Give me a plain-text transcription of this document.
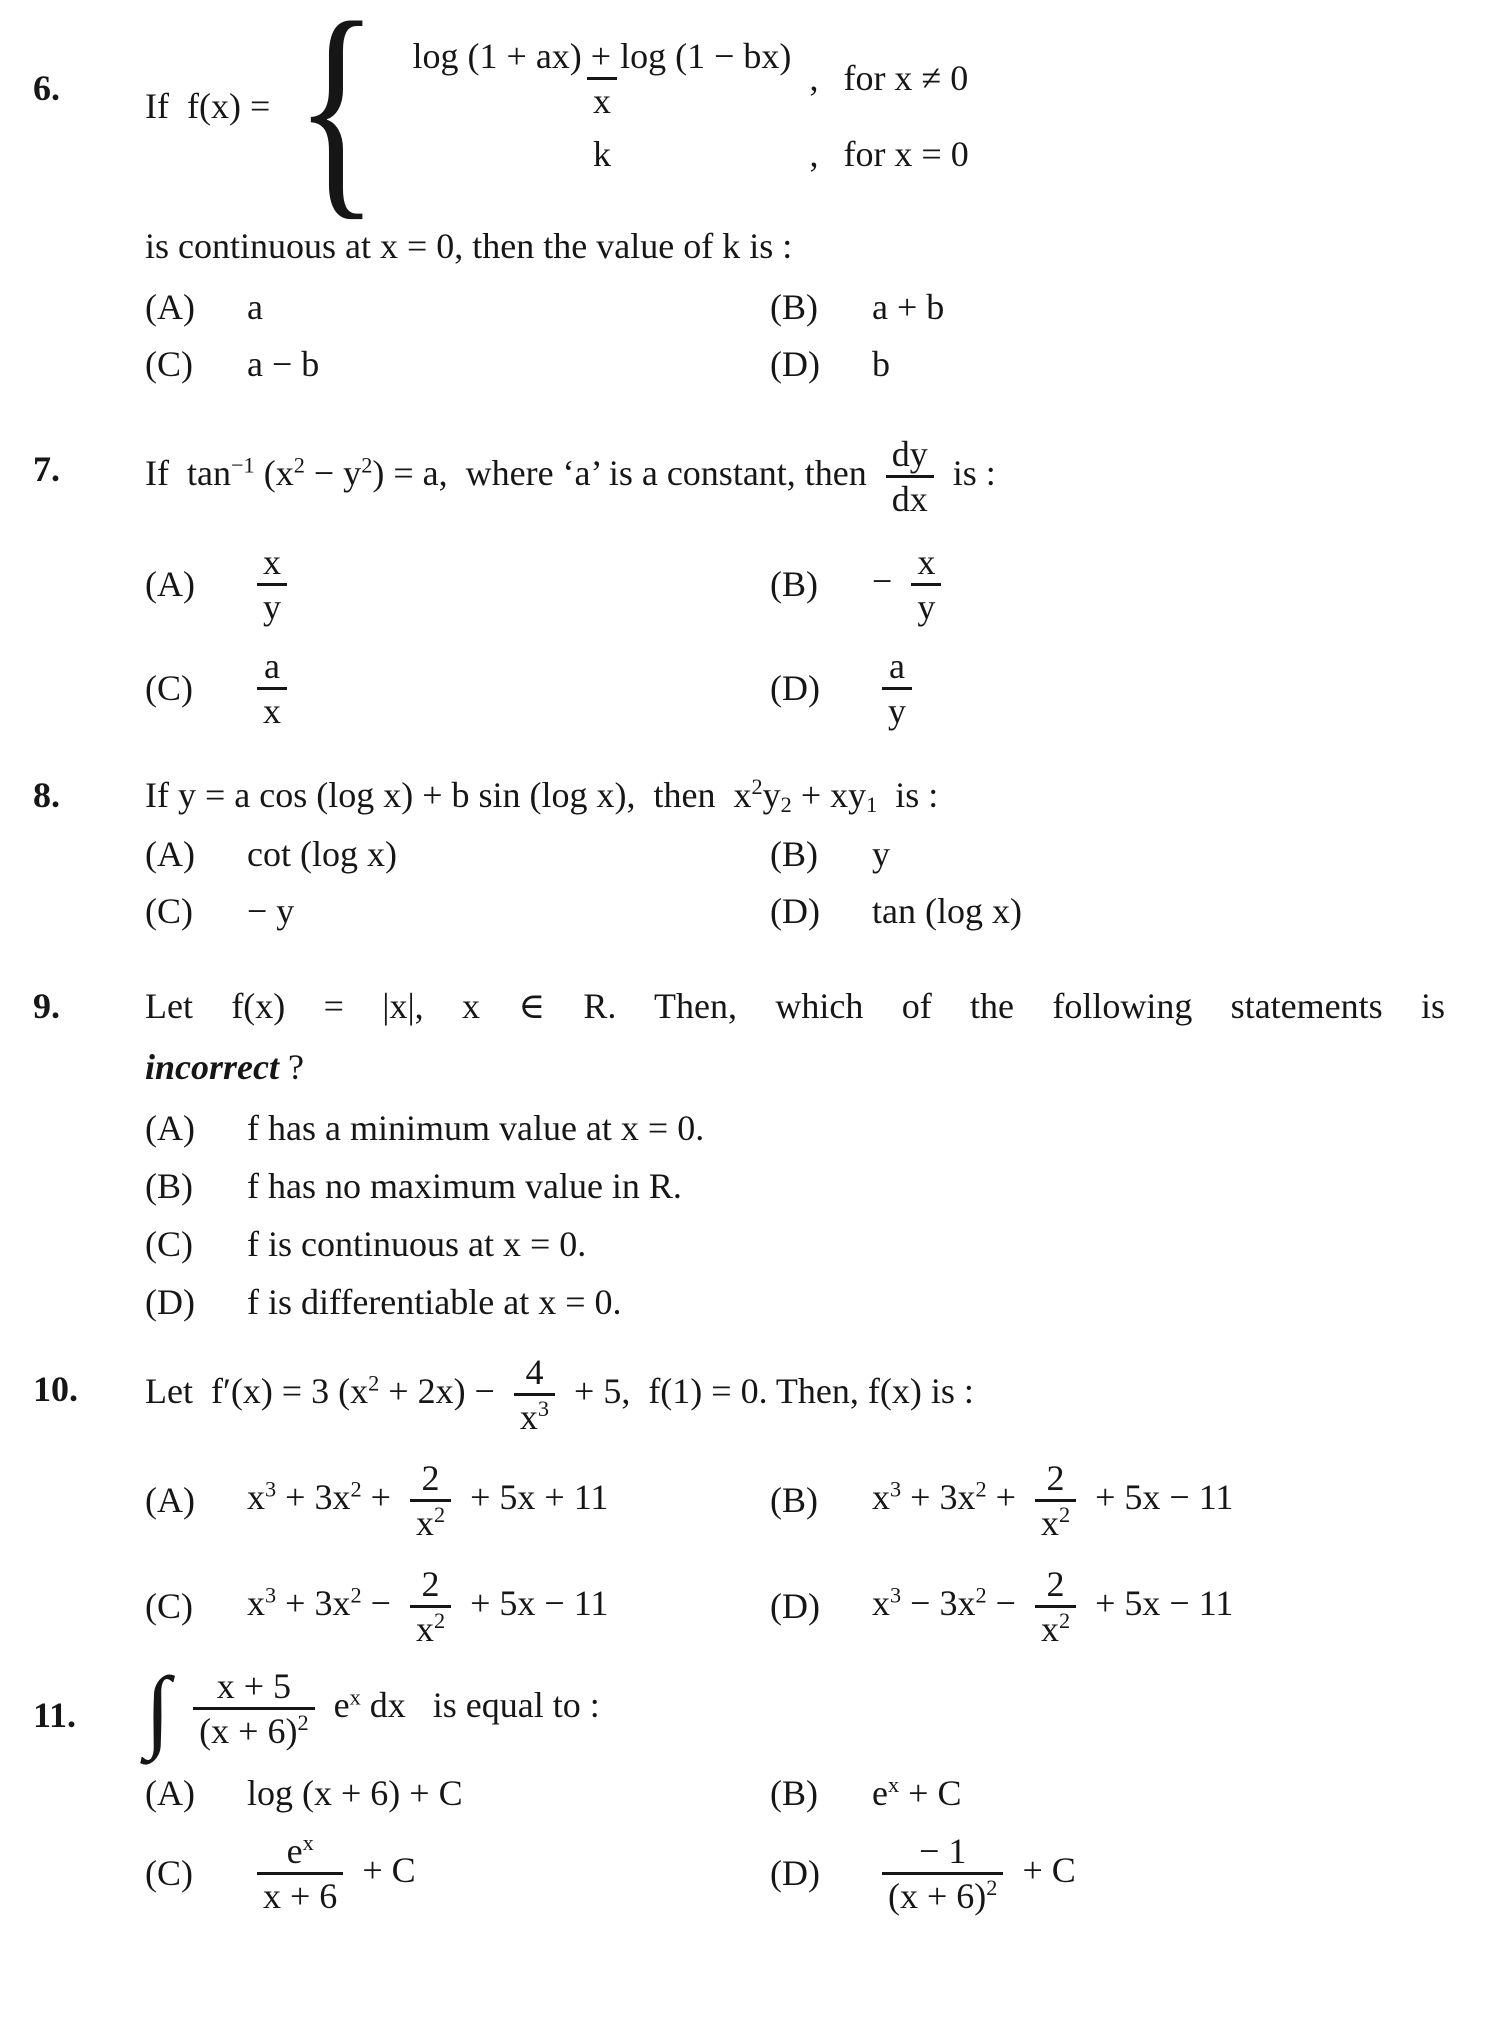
6.	If  f(x) = { $\frac{\log (1 + ax) + \log (1 - bx)}{x}$ , for x ≠ 0
k	, for x = 0

is continuous at x = 0, then the value of k is :

(A)	a	(B)	a + b
(C)	a − b	(D)	b
7.	If  $\tan^{-1} (x^2 - y^2) = a$,  where ‘a’ is a constant, then $\frac{dy}{dx}$ is :

(A)	$\frac{x}{y}$	(B)	− $\frac{x}{y}$
(C)	$\frac{a}{x}$	(D)	$\frac{a}{y}$
8.	If y = a cos (log x) + b sin (log x),  then  $x^2y_2 + xy_1$  is :

(A)	cot (log x)	(B)	y
(C)	− y	(D)	tan (log x)
9.	Let f(x) = |x|, x ∈ R. Then, which of the following statements is

incorrect ?

(A)	f has a minimum value at x = 0.
(B)	f has no maximum value in R.
(C)	f is continuous at x = 0.
(D)	f is differentiable at x = 0.
10.	Let  f′(x) = 3 $(x^2 + 2x) - \frac{4}{x^3} + 5$,  f(1) = 0. Then, f(x) is :

(A)	$x^3 + 3x^2 + \frac{2}{x^2} + 5x + 11$	(B)	$x^3 + 3x^2 + \frac{2}{x^2} + 5x - 11$
(C)	$x^3 + 3x^2 - \frac{2}{x^2} + 5x - 11$	(D)	$x^3 - 3x^2 - \frac{2}{x^2} + 5x - 11$
11. ∫ $\frac{x + 5}{(x + 6)^2} e^x$ dx   is equal to :

(A)	log (x + 6) + C	(B)	$e^x + C$
(C)	$\frac{e^x}{x + 6} + C$	(D)	$\frac{- 1}{(x + 6)^2} + C$
